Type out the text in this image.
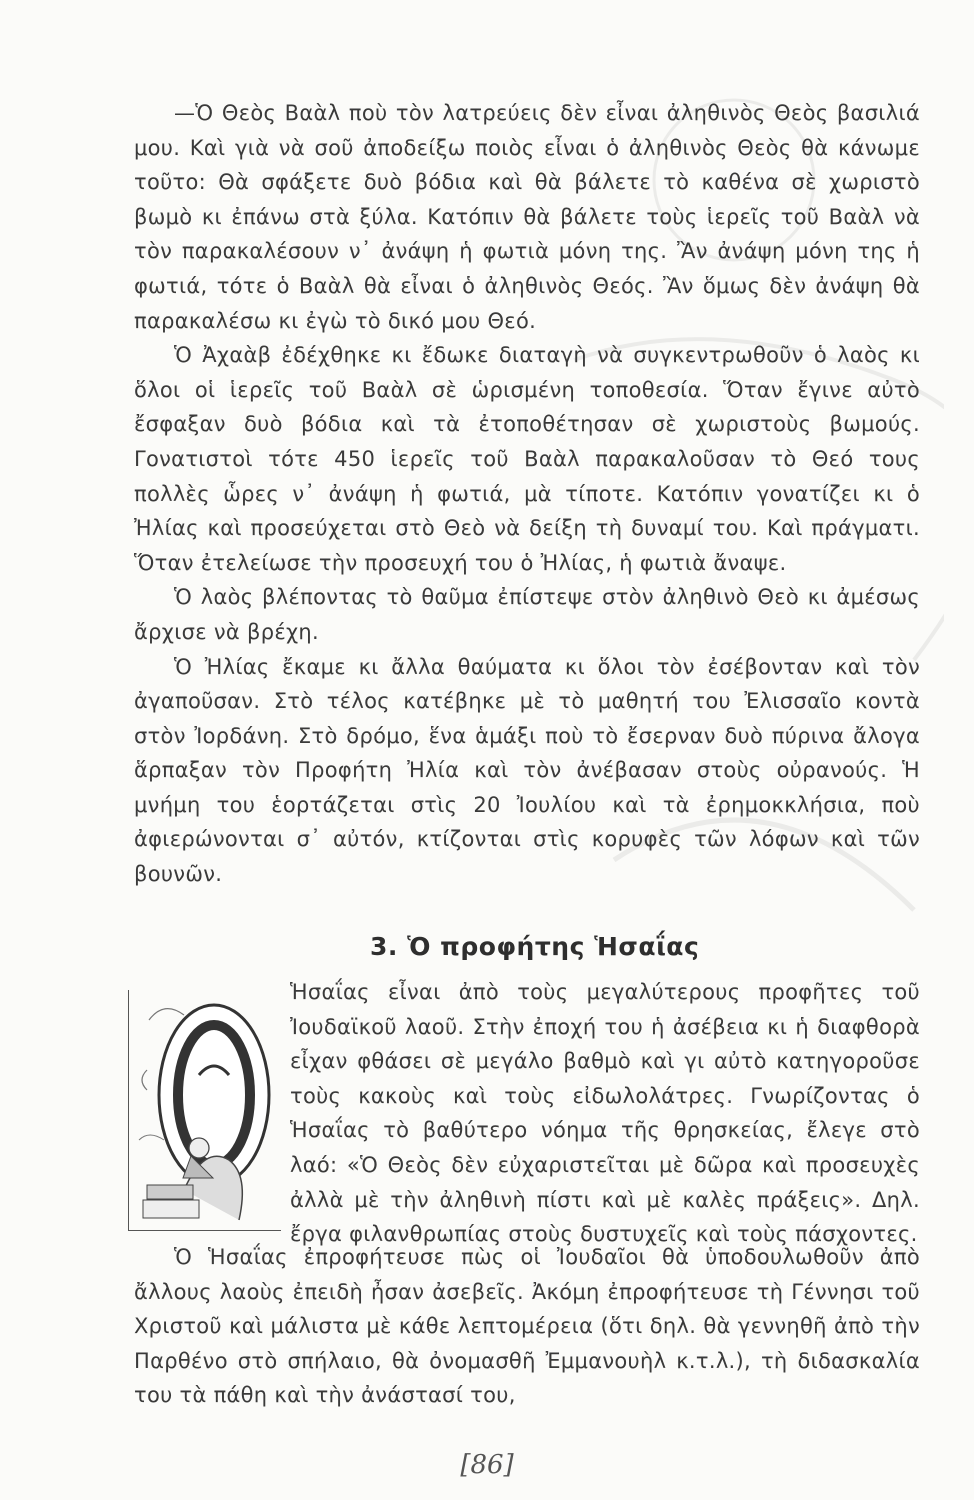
—Ὁ Θεὸς Βαὰλ ποὺ τὸν λατρεύεις δὲν εἶναι ἀληθινὸς Θεὸς βασιλιά μου. Καὶ γιὰ νὰ σοῦ ἀποδείξω ποιὸς εἶναι ὁ ἀληθινὸς Θεὸς θὰ κάνωμε τοῦτο: Θὰ σφάξετε δυὸ βόδια καὶ θὰ βάλετε τὸ καθένα σὲ χωριστὸ βωμὸ κι ἐπάνω στὰ ξύλα. Κατόπιν θὰ βάλετε τοὺς ἱερεῖς τοῦ Βαὰλ νὰ τὸν παρακαλέσουν ν᾽ ἀνάψη ἡ φωτιὰ μόνη της. Ἂν ἀνάψη μόνη της ἡ φωτιά, τότε ὁ Βαὰλ θὰ εἶναι ὁ ἀληθινὸς Θεός. Ἂν ὅμως δὲν ἀνάψη θὰ παρακαλέσω κι ἐγὼ τὸ δικό μου Θεό.

Ὁ Ἀχαὰβ ἐδέχθηκε κι ἔδωκε διαταγὴ νὰ συγκεντρωθοῦν ὁ λαὸς κι ὅλοι οἱ ἱερεῖς τοῦ Βαὰλ σὲ ὡρισμένη τοποθεσία. Ὅταν ἔγινε αὐτὸ ἔσφαξαν δυὸ βόδια καὶ τὰ ἐτοποθέτησαν σὲ χωριστοὺς βωμούς. Γονατιστοὶ τότε 450 ἱερεῖς τοῦ Βαὰλ παρακαλοῦσαν τὸ Θεό τους πολλὲς ὧρες ν᾽ ἀνάψη ἡ φωτιά, μὰ τίποτε. Κατόπιν γονατίζει κι ὁ Ἠλίας καὶ προσεύχεται στὸ Θεὸ νὰ δείξη τὴ δυναμί του. Καὶ πράγματι. Ὅταν ἐτελείωσε τὴν προσευχή του ὁ Ἠλίας, ἡ φωτιὰ ἄναψε.

Ὁ λαὸς βλέποντας τὸ θαῦμα ἐπίστεψε στὸν ἀληθινὸ Θεὸ κι ἀμέσως ἄρχισε νὰ βρέχη.

Ὁ Ἠλίας ἔκαμε κι ἄλλα θαύματα κι ὅλοι τὸν ἐσέβονταν καὶ τὸν ἀγαποῦσαν. Στὸ τέλος κατέβηκε μὲ τὸ μαθητή του Ἐλισσαῖο κοντὰ στὸν Ἰορδάνη. Στὸ δρόμο, ἕνα ἁμάξι ποὺ τὸ ἔσερναν δυὸ πύρινα ἄλογα ἅρπαξαν τὸν Προφήτη Ἠλία καὶ τὸν ἀνέβασαν στοὺς οὐρανούς. Ἡ μνήμη του ἑορτάζεται στὶς 20 Ἰουλίου καὶ τὰ ἐρημοκκλήσια, ποὺ ἀφιερώνονται σ᾽ αὐτόν, κτίζονται στὶς κορυφὲς τῶν λόφων καὶ τῶν βουνῶν.

3. Ὁ προφήτης Ἡσαΐας

Ἡσαΐας εἶναι ἀπὸ τοὺς μεγαλύτερους προφῆτες τοῦ Ἰουδαϊκοῦ λαοῦ. Στὴν ἐποχή του ἡ ἀσέβεια κι ἡ διαφθορὰ εἶχαν φθάσει σὲ μεγάλο βαθμὸ καὶ γι αὐτὸ κατηγοροῦσε τοὺς κακοὺς καὶ τοὺς εἰδωλολάτρες. Γνωρίζοντας ὁ Ἡσαΐας τὸ βαθύτερο νόημα τῆς θρησκείας, ἔλεγε στὸ λαό: «Ὁ Θεὸς δὲν εὐχαριστεῖται μὲ δῶρα καὶ προσευχὲς ἀλλὰ μὲ τὴν ἀληθινὴ πίστι καὶ μὲ καλὲς πράξεις». Δηλ. ἔργα φιλανθρωπίας στοὺς δυστυχεῖς καὶ τοὺς πάσχοντες.

Ὁ Ἡσαΐας ἐπροφήτευσε πὼς οἱ Ἰουδαῖοι θὰ ὑποδουλωθοῦν ἀπὸ ἄλλους λαοὺς ἐπειδὴ ἦσαν ἀσεβεῖς. Ἀκόμη ἐπροφήτευσε τὴ Γέννησι τοῦ Χριστοῦ καὶ μάλιστα μὲ κάθε λεπτομέρεια (ὅτι δηλ. θὰ γεννηθῆ ἀπὸ τὴν Παρθένο στὸ σπήλαιο, θὰ ὀνομασθῆ Ἐμμανουὴλ κ.τ.λ.), τὴ διδασκαλία του τὰ πάθη καὶ τὴν ἀνάστασί του,

[86]
